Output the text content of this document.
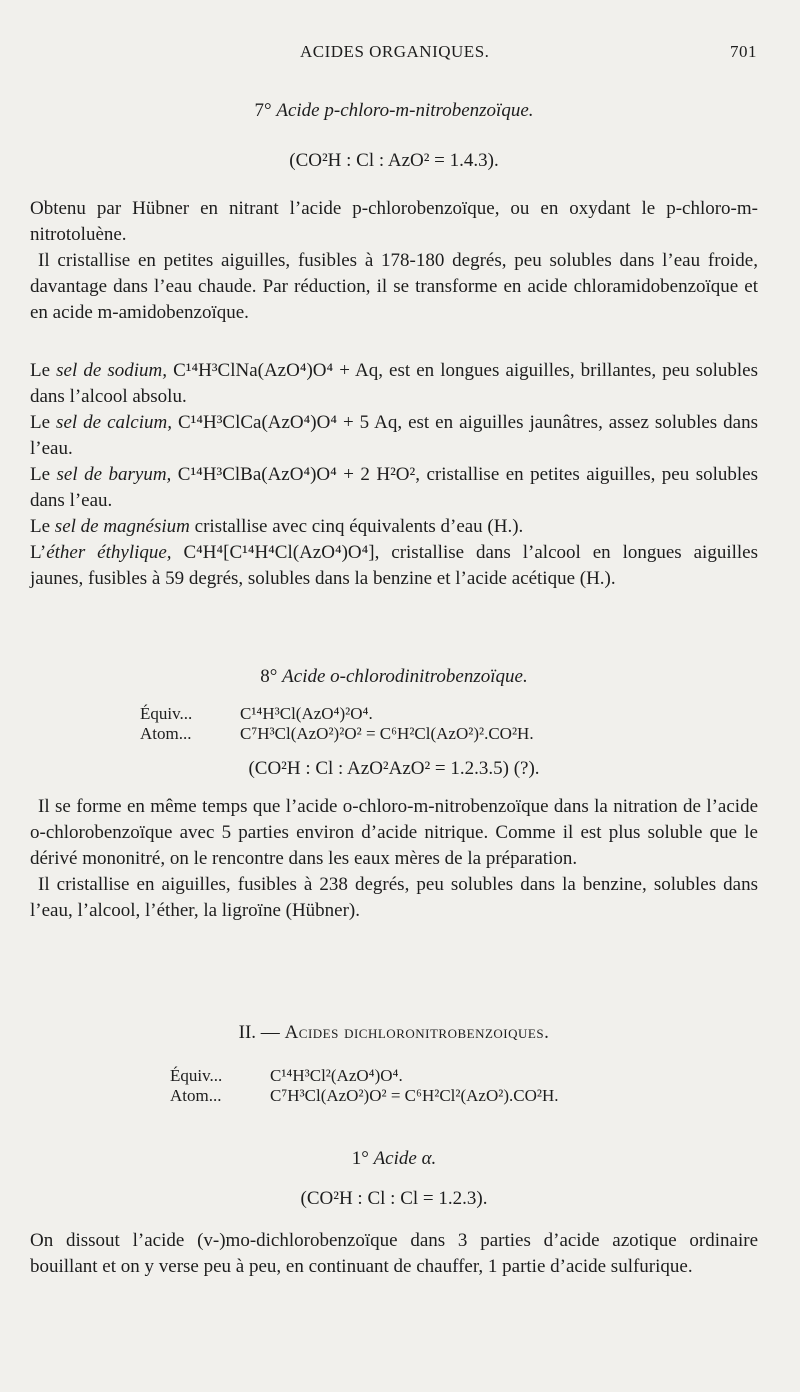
ACIDES ORGANIQUES.	701
7° Acide p-chloro-m-nitrobenzoïque.
(CO²H : Cl : AzO² = 1.4.3).

Obtenu par Hübner en nitrant l’acide p-chlorobenzoïque, ou en oxydant le p-chloro-m-nitrotoluène.

Il cristallise en petites aiguilles, fusibles à 178-180 degrés, peu solubles dans l’eau froide, davantage dans l’eau chaude. Par réduction, il se transforme en acide chloramidobenzoïque et en acide m-amidobenzoïque.

Le sel de sodium, C¹⁴H³ClNa(AzO⁴)O⁴ + Aq, est en longues aiguilles, brillantes, peu solubles dans l’alcool absolu.

Le sel de calcium, C¹⁴H³ClCa(AzO⁴)O⁴ + 5 Aq, est en aiguilles jaunâtres, assez solubles dans l’eau.

Le sel de baryum, C¹⁴H³ClBa(AzO⁴)O⁴ + 2 H²O², cristallise en petites aiguilles, peu solubles dans l’eau.

Le sel de magnésium cristallise avec cinq équivalents d’eau (H.).

L’éther éthylique, C⁴H⁴[C¹⁴H⁴Cl(AzO⁴)O⁴], cristallise dans l’alcool en longues aiguilles jaunes, fusibles à 59 degrés, solubles dans la benzine et l’acide acétique (H.).

8° Acide o-chlorodinitrobenzoïque.
Équiv...	C¹⁴H³Cl(AzO⁴)²O⁴.
Atom...	C⁷H³Cl(AzO²)²O² = C⁶H²Cl(AzO²)².CO²H.
(CO²H : Cl : AzO²AzO² = 1.2.3.5) (?).

Il se forme en même temps que l’acide o-chloro-m-nitrobenzoïque dans la nitration de l’acide o-chlorobenzoïque avec 5 parties environ d’acide nitrique. Comme il est plus soluble que le dérivé mononitré, on le rencontre dans les eaux mères de la préparation.

Il cristallise en aiguilles, fusibles à 238 degrés, peu solubles dans la benzine, solubles dans l’eau, l’alcool, l’éther, la ligroïne (Hübner).

II. — Acides dichloronitrobenzoiques.
Équiv...	C¹⁴H³Cl²(AzO⁴)O⁴.
Atom...	C⁷H³Cl(AzO²)O² = C⁶H²Cl²(AzO²).CO²H.
1° Acide α.
(CO²H : Cl : Cl = 1.2.3).

On dissout l’acide (v-)mo-dichlorobenzoïque dans 3 parties d’acide azotique ordinaire bouillant et on y verse peu à peu, en continuant de chauffer, 1 partie d’acide sulfurique.
